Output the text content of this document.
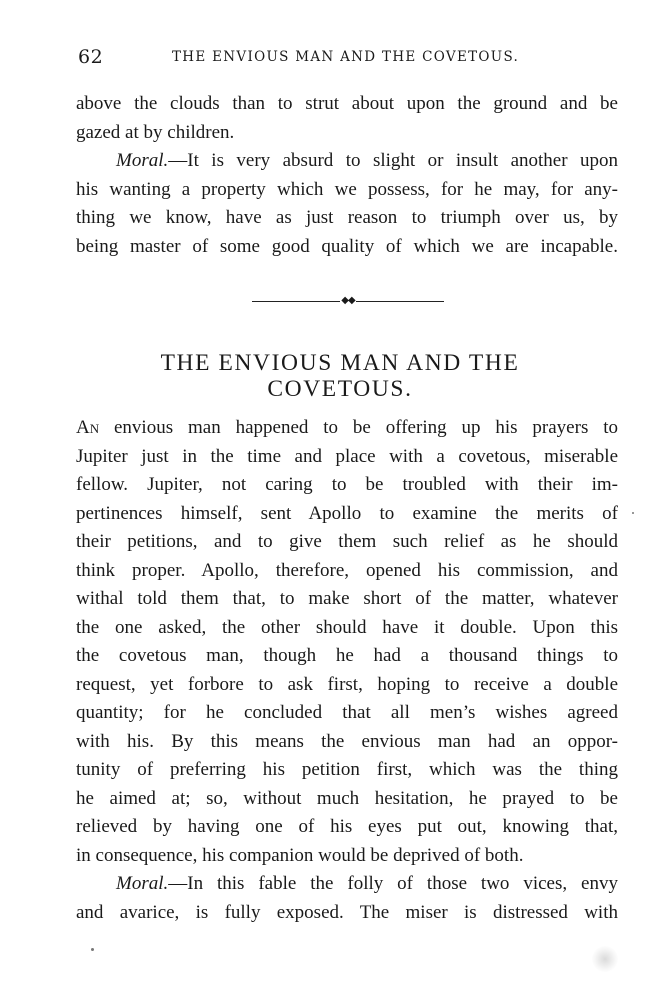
62	THE ENVIOUS MAN AND THE COVETOUS.
above the clouds than to strut about upon the ground and be
gazed at by children.
Moral.—It is very absurd to slight or insult another upon
his wanting a property which we possess, for he may, for any-
thing we know, have as just reason to triumph over us, by
being master of some good quality of which we are incapable.
◆◆
THE ENVIOUS MAN AND THE
COVETOUS.
An envious man happened to be offering up his prayers to
Jupiter just in the time and place with a covetous, miserable
fellow. Jupiter, not caring to be troubled with their im-
pertinences himself, sent Apollo to examine the merits of
their petitions, and to give them such relief as he should
think proper. Apollo, therefore, opened his commission, and
withal told them that, to make short of the matter, whatever
the one asked, the other should have it double. Upon this
the covetous man, though he had a thousand things to
request, yet forbore to ask first, hoping to receive a double
quantity; for he concluded that all men’s wishes agreed
with his. By this means the envious man had an oppor-
tunity of preferring his petition first, which was the thing
he aimed at; so, without much hesitation, he prayed to be
relieved by having one of his eyes put out, knowing that,
in consequence, his companion would be deprived of both.
Moral.—In this fable the folly of those two vices, envy
and avarice, is fully exposed. The miser is distressed with
